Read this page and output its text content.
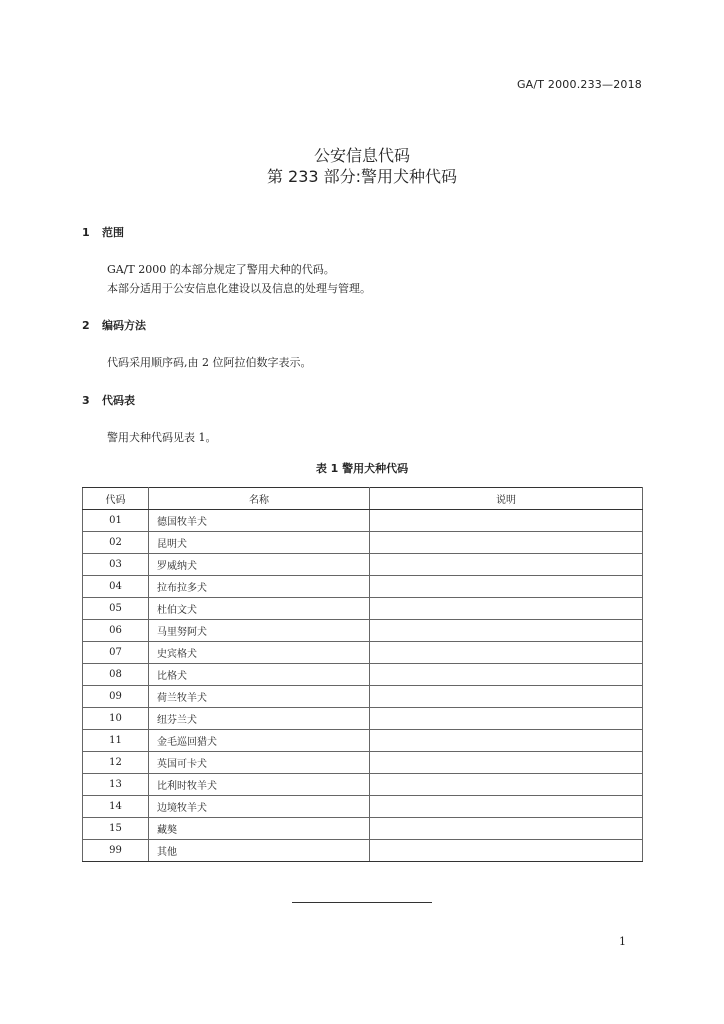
GA/T 2000.233—2018
公安信息代码
第 233 部分:警用犬种代码
1 范围
GA/T 2000 的本部分规定了警用犬种的代码。
本部分适用于公安信息化建设以及信息的处理与管理。
2 编码方法
代码采用顺序码,由 2 位阿拉伯数字表示。
3 代码表
警用犬种代码见表 1。
表 1 警用犬种代码
代码	名称	说明
01	德国牧羊犬	
02	昆明犬	
03	罗威纳犬	
04	拉布拉多犬	
05	杜伯文犬	
06	马里努阿犬	
07	史宾格犬	
08	比格犬	
09	荷兰牧羊犬	
10	纽芬兰犬	
11	金毛巡回猎犬	
12	英国可卡犬	
13	比利时牧羊犬	
14	边境牧羊犬	
15	藏獒	
99	其他	
1
